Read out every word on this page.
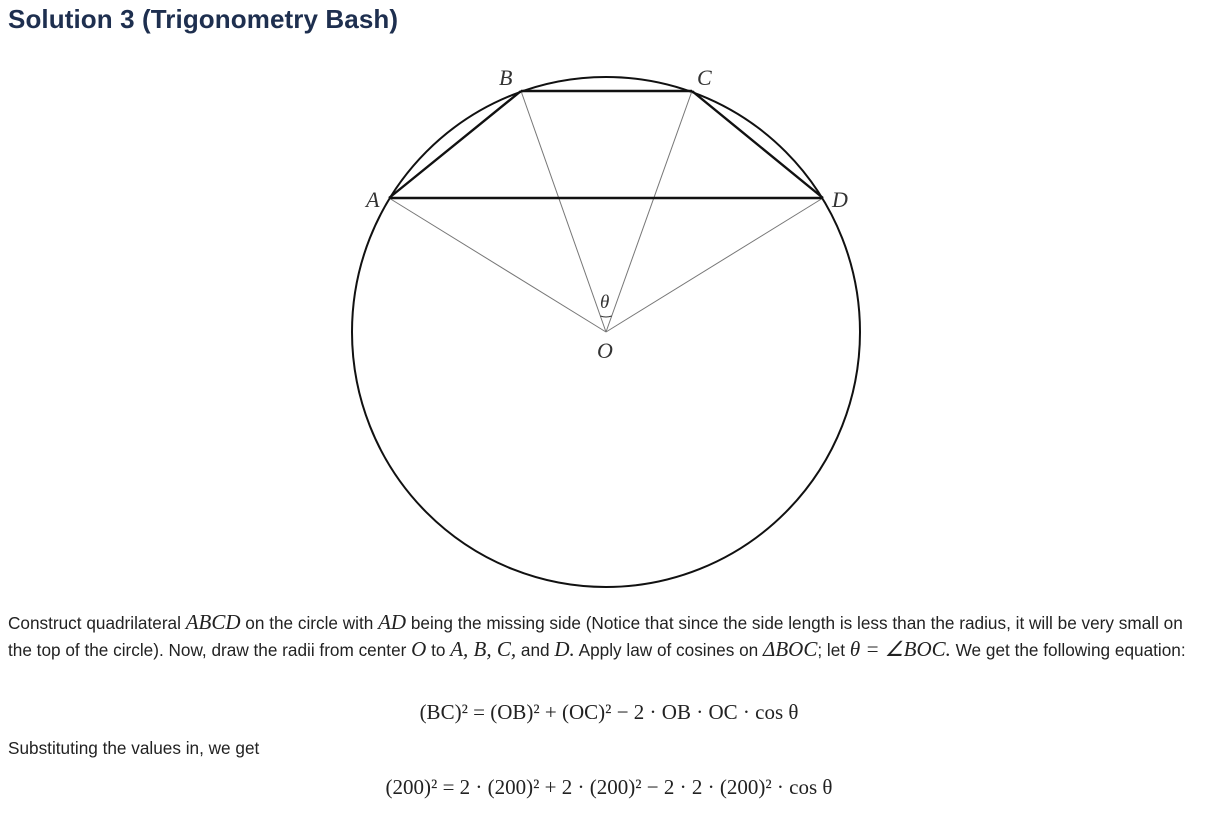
Solution 3 (Trigonometry Bash)
A
B	C
D
O
θ

Construct quadrilateral ABCD on the circle with AD being the missing side (Notice that since the side length is less than the radius, it will be very small on the top of the circle). Now, draw the radii from center O to A, B, C, and D. Apply law of cosines on ΔBOC; let θ = ∠BOC. We get the following equation:

(BC)² = (OB)² + (OC)² − 2 · OB · OC · cos θ

Substituting the values in, we get

(200)² = 2 · (200)² + 2 · (200)² − 2 · 2 · (200)² · cos θ
